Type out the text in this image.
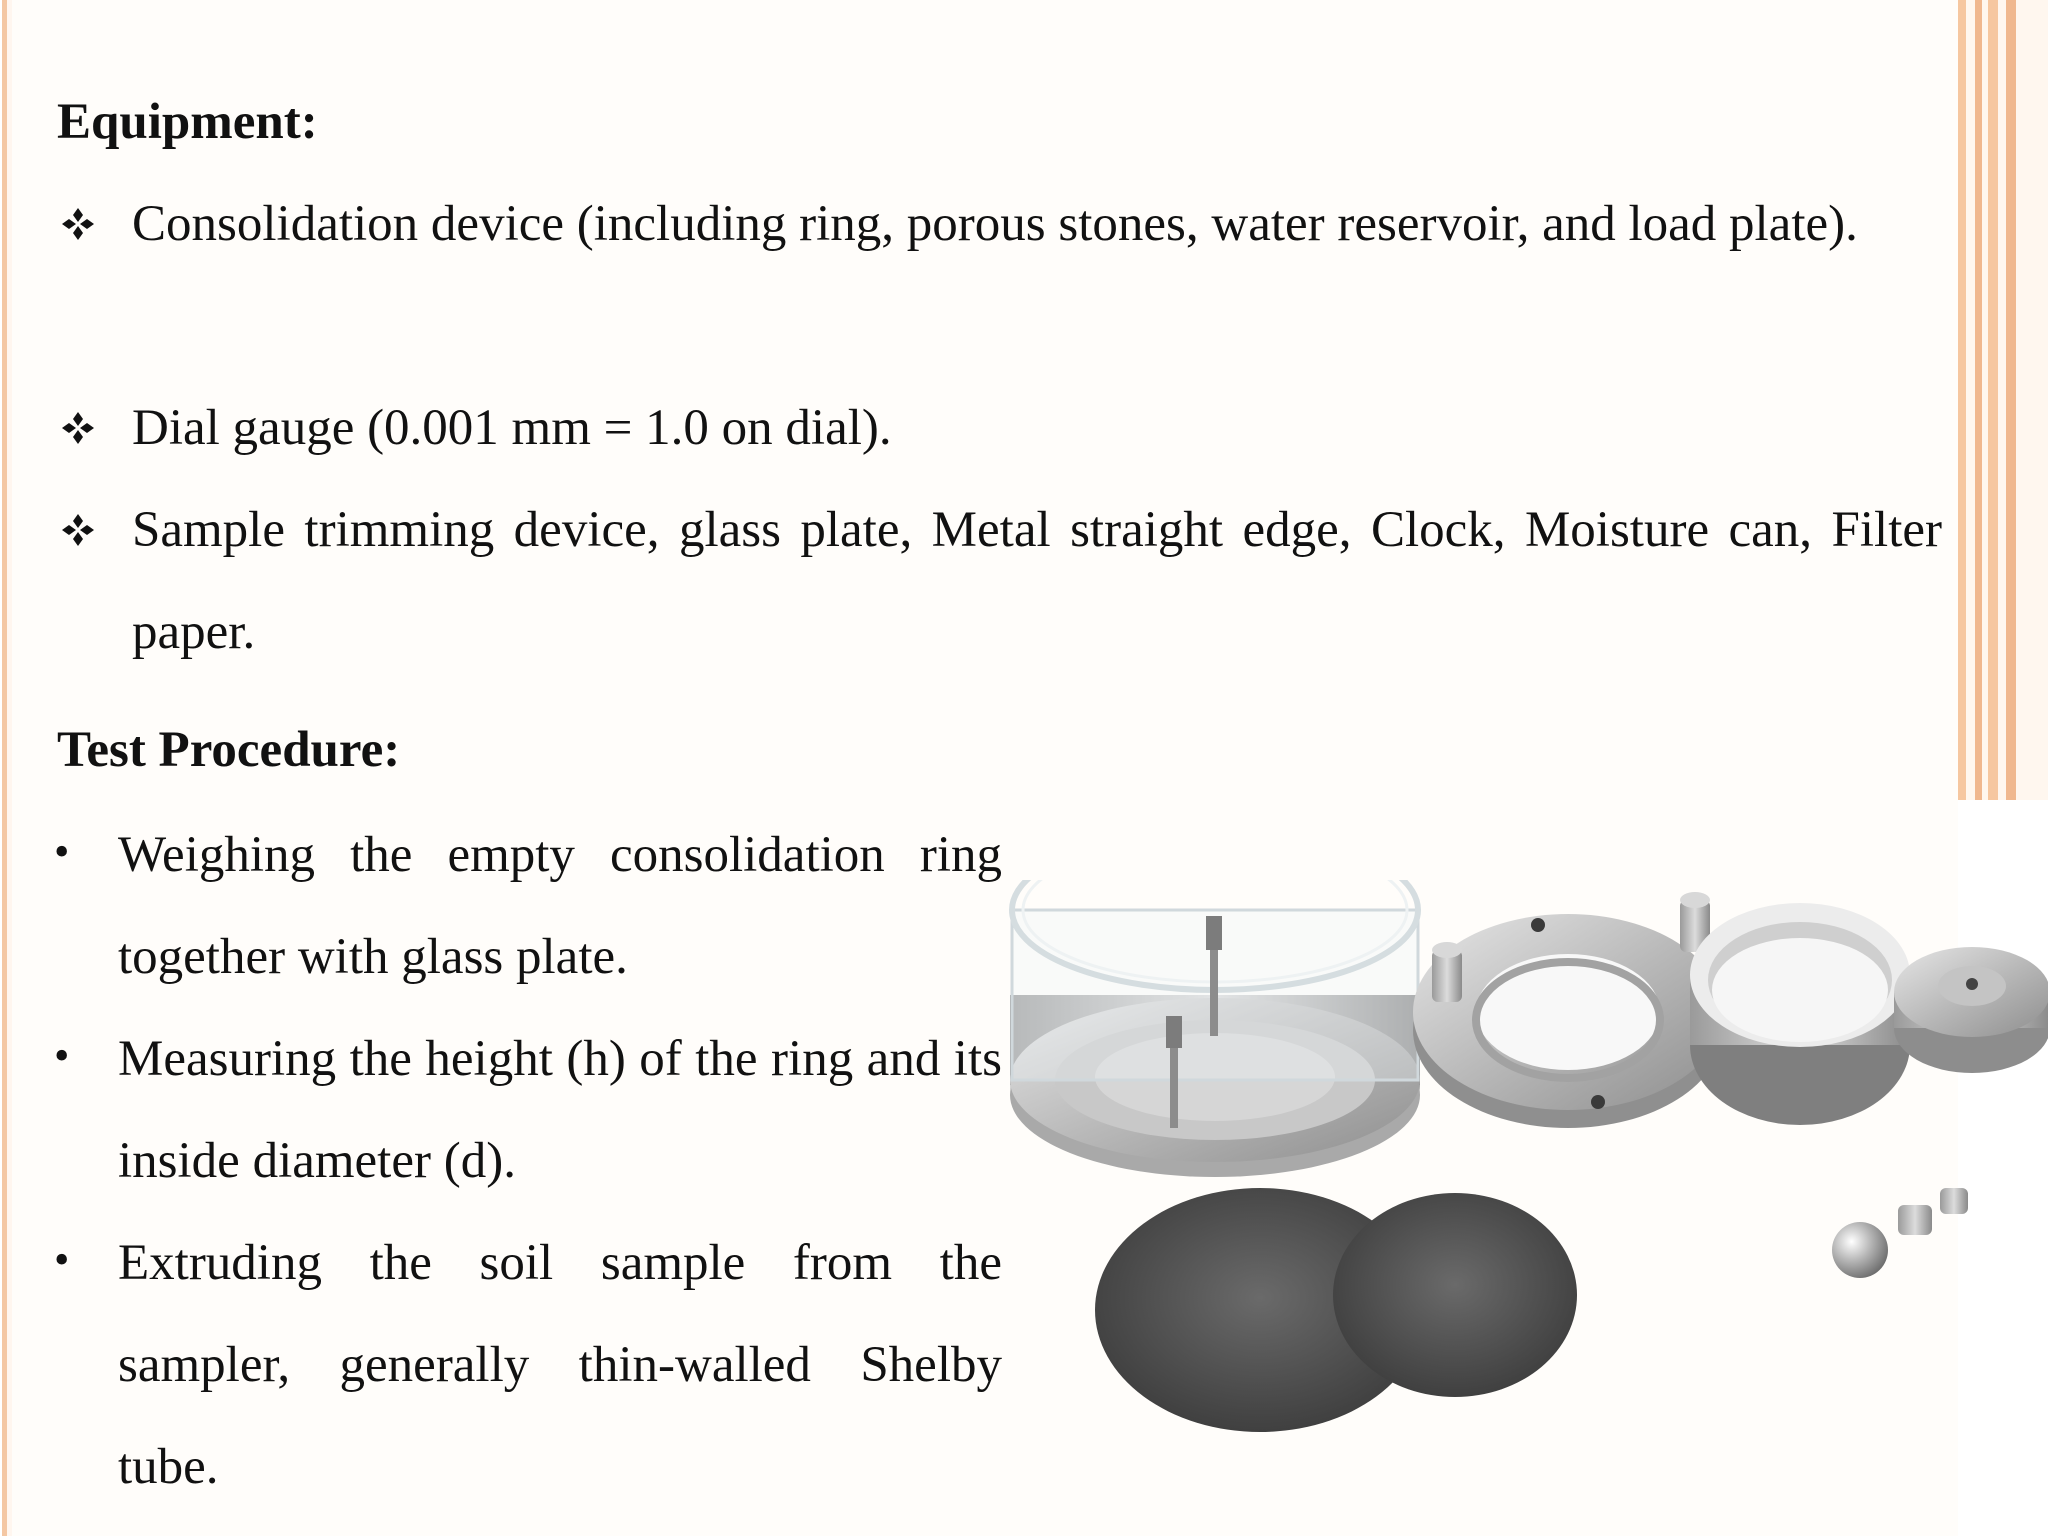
Equipment:

Consolidation device (including ring, porous stones, water reservoir, and load plate).

Dial gauge (0.001 mm = 1.0 on dial).

Sample trimming device, glass plate, Metal straight edge, Clock, Moisture can, Filter paper.

Test Procedure:
• Weighing the empty consolidation ring together with glass plate.

• Measuring the height (h) of the ring and its inside diameter (d).

• Extruding the soil sample from the sampler, generally thin-walled Shelby tube.
